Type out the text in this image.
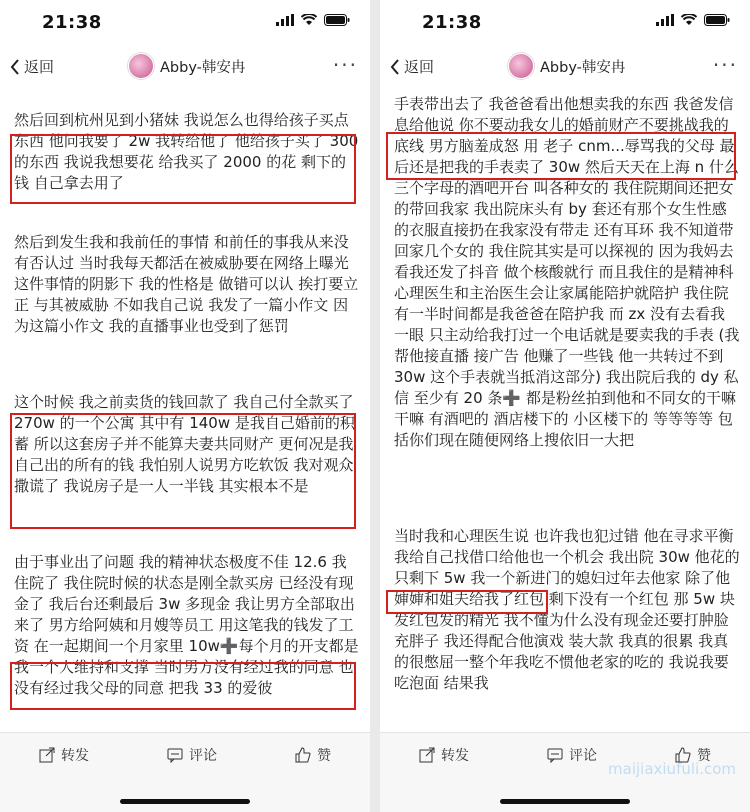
21:38
返回	Abby-韩安冉	···

然后回到杭州见到小猪妹 我说怎么也得给孩子买点东西 他问我要了 2w 我转给他了 他给孩子买了 300 的东西 我说我想要花 给我买了 2000 的花 剩下的钱 自己拿去用了

然后到发生我和我前任的事情 和前任的事我从来没有否认过 当时我每天都活在被威胁要在网络上曝光这件事情的阴影下 我的性格是 做错可以认 挨打要立正 与其被威胁 不如我自己说 我发了一篇小作文 因为这篇小作文 我的直播事业也受到了惩罚

这个时候 我之前卖货的钱回款了 我自己付全款买了 270w 的一个公寓 其中有 140w 是我自己婚前的积蓄 所以这套房子并不能算夫妻共同财产 更何况是我自己出的所有的钱 我怕别人说男方吃软饭 我对观众撒谎了 我说房子是一人一半钱 其实根本不是

由于事业出了问题 我的精神状态极度不佳 12.6 我住院了 我住院时候的状态是刚全款买房 已经没有现金了 我后台还剩最后 3w 多现金 我让男方全部取出来了 男方给阿姨和月嫂等员工 用这笔我的钱发了工资 在一起期间一个月家里 10w➕每个月的开支都是我一个人维持和支撑 当时男方没有经过我的同意 也没有经过我父母的同意 把我 33 的爱彼

转发	评论	赞
21:38
返回	Abby-韩安冉	···

手表带出去了 我爸爸看出他想卖我的东西 我爸发信息给他说 你不要动我女儿的婚前财产不要挑战我的底线 男方脑羞成怒 用 老子 cnm...辱骂我的父母 最后还是把我的手表卖了 30w 然后天天在上海 n 什么 三个字母的酒吧开台 叫各种女的 我住院期间还把女的带回我家 我出院床头有 by 套还有那个女生性感的衣服直接扔在我家没有带走 还有耳环 我不知道带回家几个女的 我住院其实是可以探视的 因为我妈去看我还发了抖音 做个核酸就行 而且我住的是精神科 心理医生和主治医生会让家属能陪护就陪护 我住院有一半时间都是我爸爸在陪护我 而 zx 没有去看我一眼 只主动给我打过一个电话就是要卖我的手表 (我帮他接直播 接广告 他赚了一些钱 他一共转过不到 30w 这个手表就当抵消这部分) 我出院后我的 dy 私信 至少有 20 条➕ 都是粉丝拍到他和不同女的干嘛干嘛 有酒吧的 酒店楼下的 小区楼下的 等等等等 包括你们现在随便网络上搜依旧一大把

当时我和心理医生说 也许我也犯过错 他在寻求平衡 我给自己找借口给他也一个机会 我出院 30w 他花的只剩下 5w 我一个新进门的媳妇过年去他家 除了他婶婶和姐夫给我了红包 剩下没有一个红包 那 5w 块发红包发的精光 我不懂为什么没有现金还要打肿脸充胖子 我还得配合他演戏 装大款 我真的很累 我真的很憋屈一整个年我吃不惯他老家的吃的 我说我要吃泡面 结果我

转发	评论	赞
maijiaxiufuli.com
